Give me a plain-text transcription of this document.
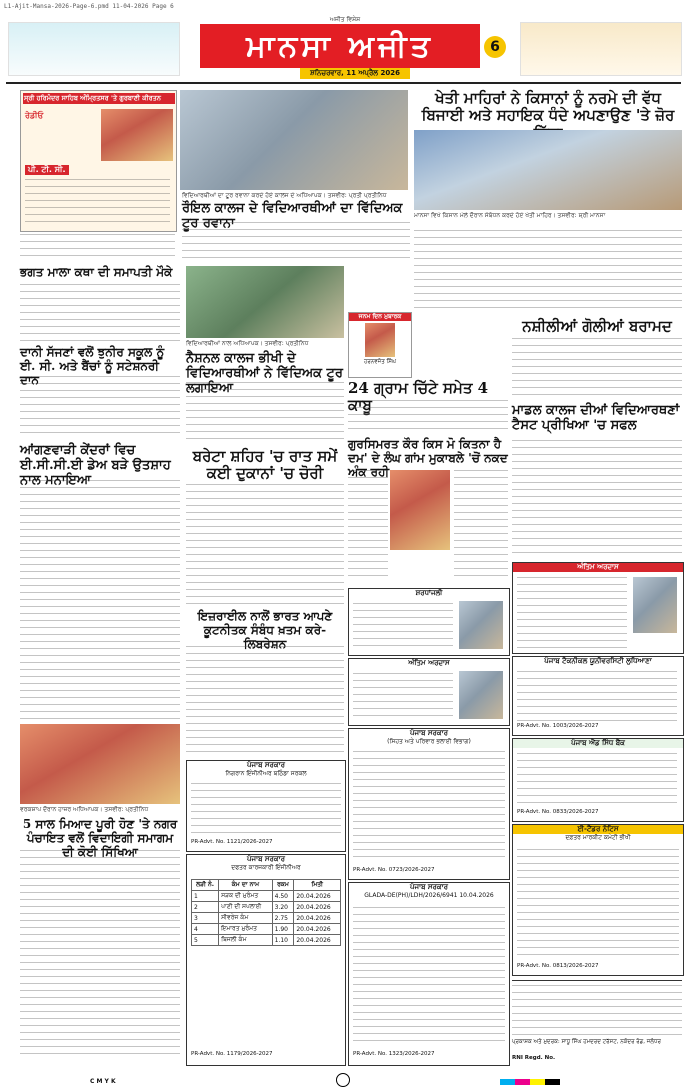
L1-Ajit-Mansa-2026-Page-6.pmd 11-04-2026 Page 6
ਅਜੀਤ ਵਿਸ਼ੇਸ਼
ਮਾਨਸਾ ਅਜੀਤ
ਸ਼ਨਿਚਰਵਾਰ, 11 ਅਪ੍ਰੈਲ 2026
6
ਸ੍ਰੀ ਹਰਿਮੰਦਰ ਸਾਹਿਬ ਅੰਮ੍ਰਿਤਸਰ 'ਤੇ ਗੁਰਬਾਣੀ ਕੀਰਤਨ
ਰੇਡੀਓ
ਪੀ. ਟੀ. ਸੀ.
ਵਿਦਿਆਰਥੀਆਂ ਦਾ ਟੂਰ ਰਵਾਨਾ ਕਰਦੇ ਹੋਏ ਕਾਲਜ ਦੇ ਅਧਿਆਪਕ। ਤਸਵੀਰ: ਪ੍ਰਤੀ ਪ੍ਰਤੀਨਿਧ
ਰੌਇਲ ਕਾਲਜ ਦੇ ਵਿਦਿਆਰਥੀਆਂ ਦਾ ਵਿੱਦਿਅਕ ਟੂਰ ਰਵਾਨਾ
ਖੇਤੀ ਮਾਹਿਰਾਂ ਨੇ ਕਿਸਾਨਾਂ ਨੂੰ ਨਰਮੇ ਦੀ ਵੱਧ ਬਿਜਾਈ ਅਤੇ ਸਹਾਇਕ ਧੰਦੇ ਅਪਣਾਉਣ 'ਤੇ ਜ਼ੋਰ
ਮਾਨਸਾ ਵਿਖੇ ਕਿਸਾਨ ਮੇਲੇ ਦੌਰਾਨ ਸੰਬੋਧਨ ਕਰਦੇ ਹੋਏ ਖੇਤੀ ਮਾਹਿਰ। ਤਸਵੀਰ: ਸ਼੍ਰੀ ਮਾਨਸਾ
ਭਗਤ ਮਾਲਾ ਕਥਾ ਦੀ ਸਮਾਪਤੀ ਮੌਕੇ
ਵਿਦਿਆਰਥੀਆਂ ਨਾਲ ਅਧਿਆਪਕ। ਤਸਵੀਰ: ਪ੍ਰਤੀਨਿਧ
ਜਨਮ ਦਿਨ ਮੁਬਾਰਕ
ਹਰਨਵਜੋਤ ਸਿੰਘ
ਦਾਨੀ ਸੱਜਣਾਂ ਵਲੋਂ ਝੁਨੀਰ ਸਕੂਲ ਨੂੰ ਈ. ਸੀ. ਅਤੇ ਬੈਂਚਾਂ ਨੂੰ ਸਟੇਸ਼ਨਰੀ ਦਾਨ
ਨੈਸ਼ਨਲ ਕਾਲਜ ਭੀਖੀ ਦੇ ਵਿਦਿਆਰਥੀਆਂ ਨੇ ਵਿੱਦਿਅਕ ਟੂਰ ਲਗਾਇਆ	24 ਗ੍ਰਾਮ ਚਿੱਟੇ ਸਮੇਤ 4 ਕਾਬੂ
ਨਸ਼ੀਲੀਆਂ ਗੋਲੀਆਂ ਬਰਾਮਦ
ਗੁਰਸਿਮਰਤ ਕੌਰ ਕਿਸ ਮੋ ਕਿਤਨਾ ਹੈ ਦਮ' ਦੇ ਲੰਘ ਗਾਂਮ ਮੁਕਾਬਲੇ 'ਚੋਂ ਨਕਦ ਅੰਕ ਰਹੀ
ਮਾਡਲ ਕਾਲਜ ਦੀਆਂ ਵਿਦਿਆਰਥਣਾਂ ਟੈਸਟ ਪ੍ਰੀਖਿਆ 'ਚ ਸਫਲ
ਆਂਗਣਵਾੜੀ ਕੇਂਦਰਾਂ ਵਿਚ ਈ.ਸੀ.ਸੀ.ਈ ਡੇਅ ਬੜੇ ਉਤਸ਼ਾਹ ਨਾਲ ਮਨਾਇਆ
ਬਰੇਟਾ ਸ਼ਹਿਰ 'ਚ ਰਾਤ ਸਮੇਂ ਕਈ ਦੁਕਾਨਾਂ 'ਚ ਚੋਰੀ
ਅੰਤਿਮ ਅਰਦਾਸ
ਸ਼ਰਧਾਂਜਲੀ
ਇਜ਼ਰਾਈਲ ਨਾਲੋਂ ਭਾਰਤ ਆਪਣੇ ਕੂਟਨੀਤਕ ਸੰਬੰਧ ਖ਼ਤਮ ਕਰੇ-ਲਿਬਰੇਸ਼ਨ
ਅੰਤਿਮ ਅਰਦਾਸ	ਪੰਜਾਬ ਟੈਕਨੀਕਲ ਯੂਨੀਵਰਸਿਟੀ ਲੁਧਿਆਣਾ
PR-Advt. No. 1003/2026-2027
ਪੰਜਾਬ ਐਂਡ ਸਿੰਧ ਬੈਂਕ
PR-Advt. No. 0833/2026-2027
ਵਰਕਸ਼ਾਪ ਦੌਰਾਨ ਹਾਜ਼ਰ ਅਧਿਆਪਕ। ਤਸਵੀਰ: ਪ੍ਰਤੀਨਿਧ
5 ਸਾਲ ਮਿਆਦ ਪੂਰੀ ਹੋਣ 'ਤੇ ਨਗਰ ਪੰਚਾਇਤ ਵਲੋਂ ਵਿਦਾਇਗੀ ਸਮਾਗਮ ਦੀ ਕੋਈ ਸਿੱਖਿਆ
ਪੰਜਾਬ ਸਰਕਾਰ
ਨਿਗਰਾਨ ਇੰਜੀਨੀਅਰ ਬਠਿੰਡਾ ਸਰਕਲ
PR-Advt. No. 1121/2026-2027
ਪੰਜਾਬ ਸਰਕਾਰ
(ਸਿਹਤ ਅਤੇ ਪਰਿਵਾਰ ਭਲਾਈ ਵਿਭਾਗ)
PR-Advt. No. 0723/2026-2027
ਈ-ਟੈਂਡਰ ਨੋਟਿਸ
ਦਫ਼ਤਰ ਮਾਰਕੀਟ ਕਮੇਟੀ ਭੀਖੀ
PR-Advt. No. 0813/2026-2027
ਪੰਜਾਬ ਸਰਕਾਰ
ਦਫਤਰ ਕਾਰਜਕਾਰੀ ਇੰਜੀਨੀਅਰ
ਲੜੀ ਨੰ.	ਕੰਮ ਦਾ ਨਾਮ	ਰਕਮ	ਮਿਤੀ
1	ਸੜਕ ਦੀ ਮੁਰੰਮਤ	4.50	20.04.2026
2	ਪਾਣੀ ਦੀ ਸਪਲਾਈ	3.20	20.04.2026
3	ਸੀਵਰੇਜ ਕੰਮ	2.75	20.04.2026
4	ਇਮਾਰਤ ਮੁਰੰਮਤ	1.90	20.04.2026
5	ਬਿਜਲੀ ਕੰਮ	1.10	20.04.2026
PR-Advt. No. 1179/2026-2027
ਪੰਜਾਬ ਸਰਕਾਰ
GLADA-DE(PH)/LDH/2026/6941 10.04.2026
PR-Advt. No. 1323/2026-2027
ਪ੍ਰਕਾਸ਼ਕ ਅਤੇ ਮੁਦਰਕ: ਸਾਧੂ ਸਿੰਘ ਹਮਦਰਦ ਟਰੱਸਟ, ਨਕੋਦਰ ਰੋਡ, ਜਲੰਧਰ
RNI Regd. No.
C M Y K
